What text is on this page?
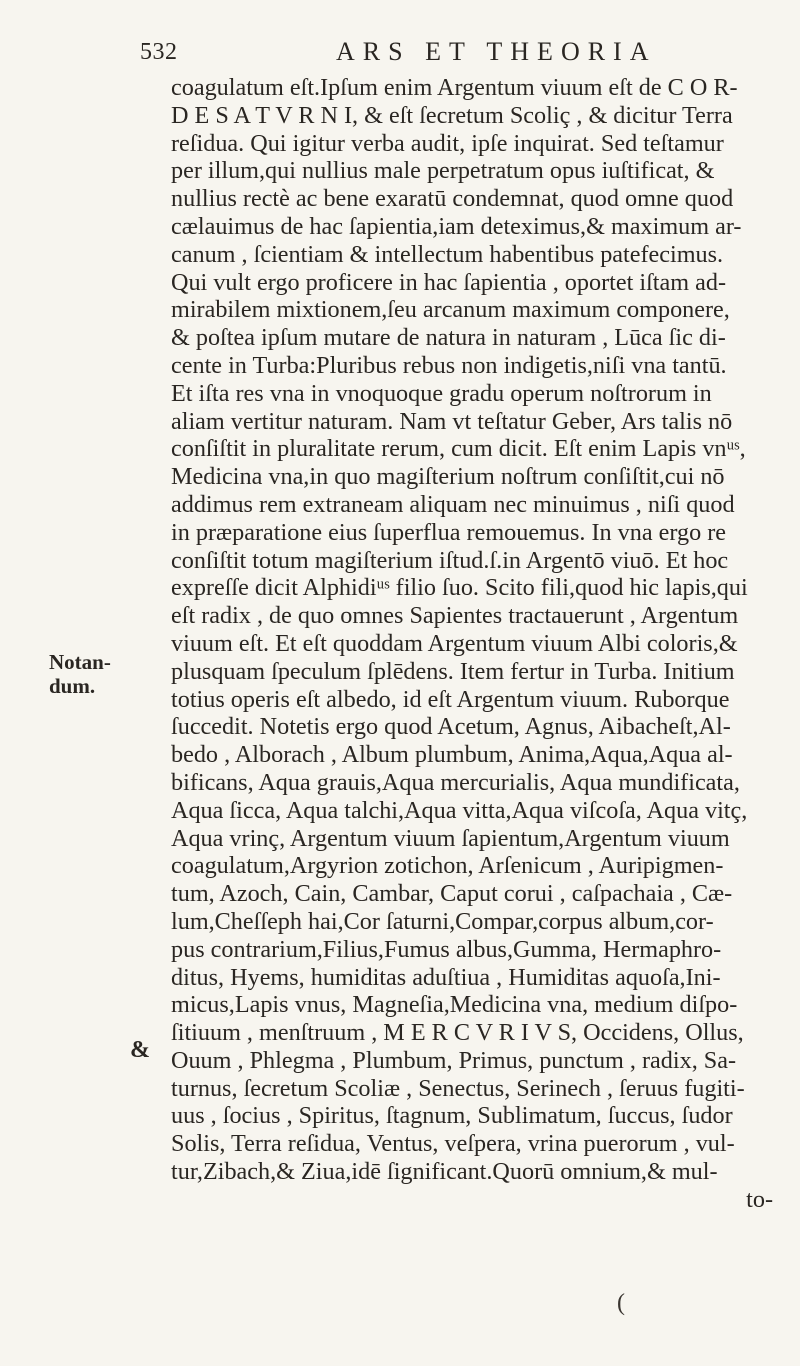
532	ARS ET THEORIA
Notan-
dum.
&
coagulatum eſt.Ipſum enim Argentum viuum eſt de C O R-
D E S A T V R N I, & eſt ſecretum Scoliç , & dicitur Terra
reſidua. Qui igitur verba audit, ipſe inquirat. Sed teſtamur
per illum,qui nullius male perpetratum opus iuſtificat, &
nullius rectè ac bene exaratū condemnat, quod omne quod
cælauimus de hac ſapientia,iam deteximus,& maximum ar-
canum , ſcientiam & intellectum habentibus patefecimus.
Qui vult ergo proficere in hac ſapientia , oportet iſtam ad-
mirabilem mixtionem,ſeu arcanum maximum componere,
& poſtea ipſum mutare de natura in naturam , Lūca ſic di-
cente in Turba:Pluribus rebus non indigetis,niſi vna tantū.
Et iſta res vna in vnoquoque gradu operum noſtrorum in
aliam vertitur naturam. Nam vt teſtatur Geber, Ars talis nō
conſiſtit in pluralitate rerum, cum dicit. Eſt enim Lapis vnᵘˢ,
Medicina vna,in quo magiſterium noſtrum conſiſtit,cui nō
addimus rem extraneam aliquam nec minuimus , niſi quod
in præparatione eius ſuperflua remouemus. In vna ergo re
conſiſtit totum magiſterium iſtud.ſ.in Argentō viuō. Et hoc
expreſſe dicit Alphidiᵘˢ filio ſuo. Scito fili,quod hic lapis,qui
eſt radix , de quo omnes Sapientes tractauerunt , Argentum
viuum eſt. Et eſt quoddam Argentum viuum Albi coloris,&
plusquam ſpeculum ſplēdens. Item fertur in Turba. Initium
totius operis eſt albedo, id eſt Argentum viuum. Ruborque
ſuccedit. Notetis ergo quod Acetum, Agnus, Aibacheſt,Al-
bedo , Alborach , Album plumbum, Anima,Aqua,Aqua al-
bificans, Aqua grauis,Aqua mercurialis, Aqua mundificata,
Aqua ſicca, Aqua talchi,Aqua vitta,Aqua viſcoſa, Aqua vitç,
Aqua vrinç, Argentum viuum ſapientum,Argentum viuum
coagulatum,Argyrion zotichon, Arſenicum , Auripigmen-
tum, Azoch, Cain, Cambar, Caput corui , caſpachaia , Cæ-
lum,Cheſſeph hai,Cor ſaturni,Compar,corpus album,cor-
pus contrarium,Filius,Fumus albus,Gumma, Hermaphro-
ditus, Hyems, humiditas aduſtiua , Humiditas aquoſa,Ini-
micus,Lapis vnus, Magneſia,Medicina vna, medium diſpo-
ſitiuum , menſtruum , M E R C V R I V S, Occidens, Ollus,
Ouum , Phlegma , Plumbum, Primus, punctum , radix, Sa-
turnus, ſecretum Scoliæ , Senectus, Serinech , ſeruus fugiti-
uus , ſocius , Spiritus, ſtagnum, Sublimatum, ſuccus, ſudor
Solis, Terra reſidua, Ventus, veſpera, vrina puerorum , vul-
tur,Zibach,& Ziua,idē ſignificant.Quorū omnium,& mul-
to-
(
